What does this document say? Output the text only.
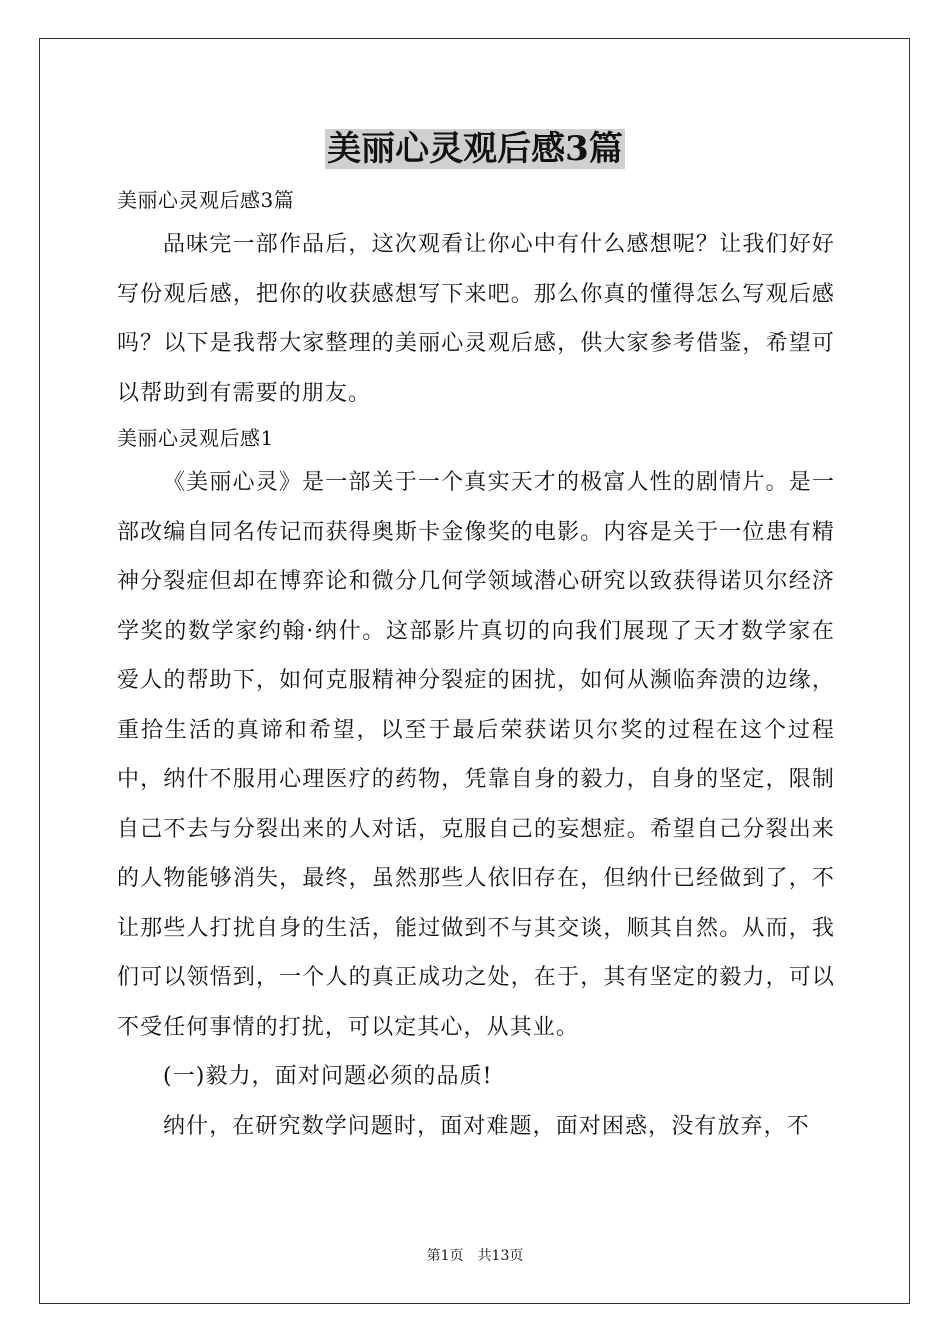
美丽心灵观后感3篇

美丽心灵观后感3篇

品味完一部作品后，这次观看让你心中有什么感想呢？让我们好好写份观后感，把你的收获感想写下来吧。那么你真的懂得怎么写观后感吗？以下是我帮大家整理的美丽心灵观后感，供大家参考借鉴，希望可以帮助到有需要的朋友。

美丽心灵观后感1

《美丽心灵》是一部关于一个真实天才的极富人性的剧情片。是一部改编自同名传记而获得奥斯卡金像奖的电影。内容是关于一位患有精神分裂症但却在博弈论和微分几何学领域潜心研究以致获得诺贝尔经济学奖的数学家约翰·纳什。这部影片真切的向我们展现了天才数学家在爱人的帮助下，如何克服精神分裂症的困扰，如何从濒临奔溃的边缘，重拾生活的真谛和希望，以至于最后荣获诺贝尔奖的过程在这个过程中，纳什不服用心理医疗的药物，凭靠自身的毅力，自身的坚定，限制自己不去与分裂出来的人对话，克服自己的妄想症。希望自己分裂出来的人物能够消失，最终，虽然那些人依旧存在，但纳什已经做到了，不让那些人打扰自身的生活，能过做到不与其交谈，顺其自然。从而，我们可以领悟到，一个人的真正成功之处，在于，其有坚定的毅力，可以不受任何事情的打扰，可以定其心，从其业。

(一)毅力，面对问题必须的品质!

纳什，在研究数学问题时，面对难题，面对困惑，没有放弃，不

第1页　共13页
